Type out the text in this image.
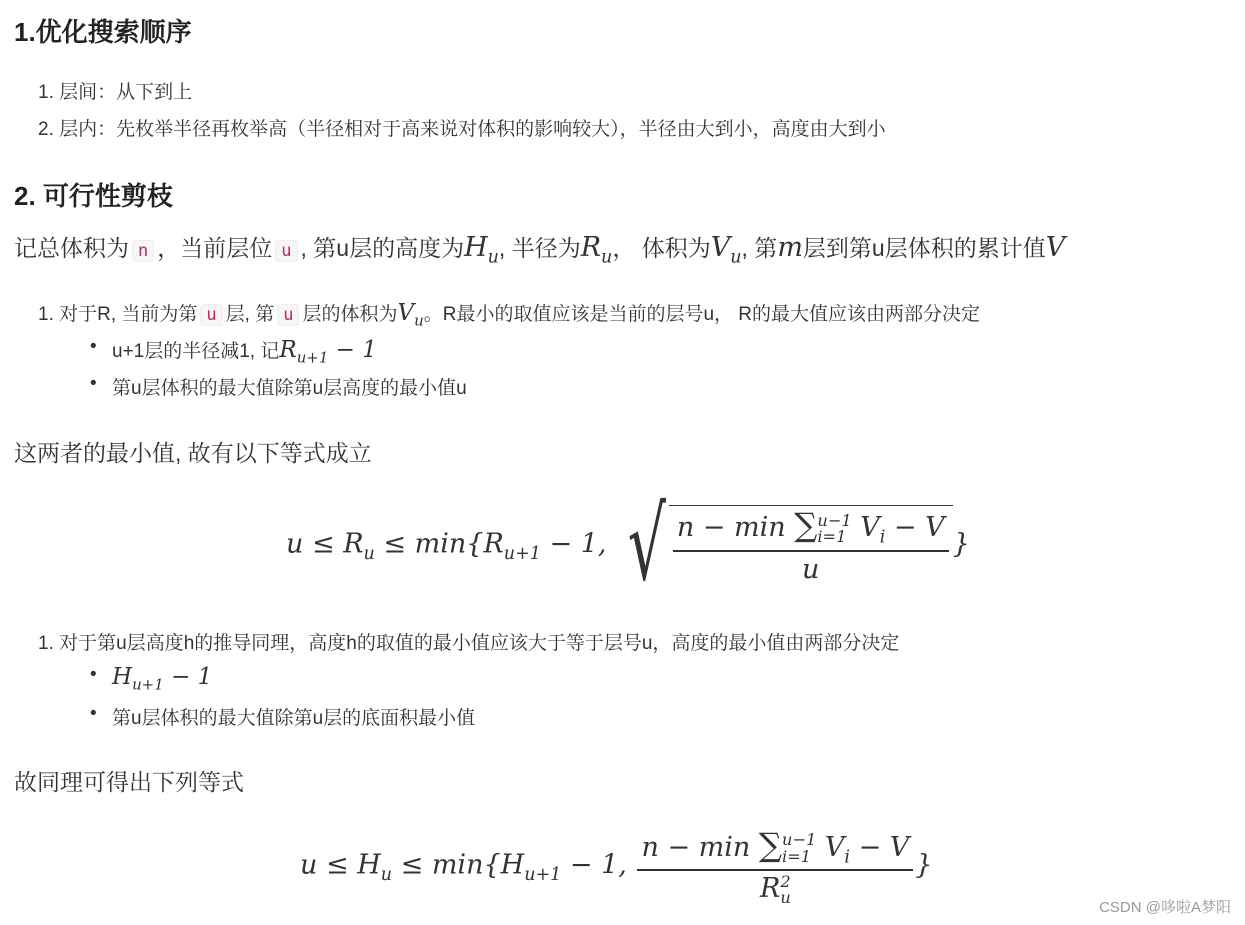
1.优化搜索顺序
1. 层间：从下到上
2. 层内：先枚举半径再枚举高（半径相对于高来说对体积的影响较大），半径由大到小，高度由大到小
2. 可行性剪枝
记总体积为 n ，当前层位 u , 第u层的高度为$H_u$, 半径为$R_u$， 体积为$V_u$, 第m层到第u层体积的累计值V
1. 对于R, 当前为第 u 层, 第 u 层的体积为$V_u$。R最小的取值应该是当前的层号u， R的最大值应该由两部分决定
• u+1层的半径减1, 记$R_{u+1} - 1$
• 第u层体积的最大值除第u层高度的最小值u
这两者的最小值, 故有以下等式成立
$u \le R_u \le \min\{R_{u+1} - 1$, √ n − min ∑ u−1
i=1 $V_i - V$
u }
1. 对于第u层高度h的推导同理，高度h的取值的最小值应该大于等于层号u，高度的最小值由两部分决定
• $H_{u+1} - 1$
• 第u层体积的最大值除第u层的底面积最小值
故同理可得出下列等式
$u \le H_u \le \min\{H_{u+1} - 1$, n − min ∑ u−1
i=1 $V_i - V$
R 2
u }
CSDN @哆啦A梦阳
